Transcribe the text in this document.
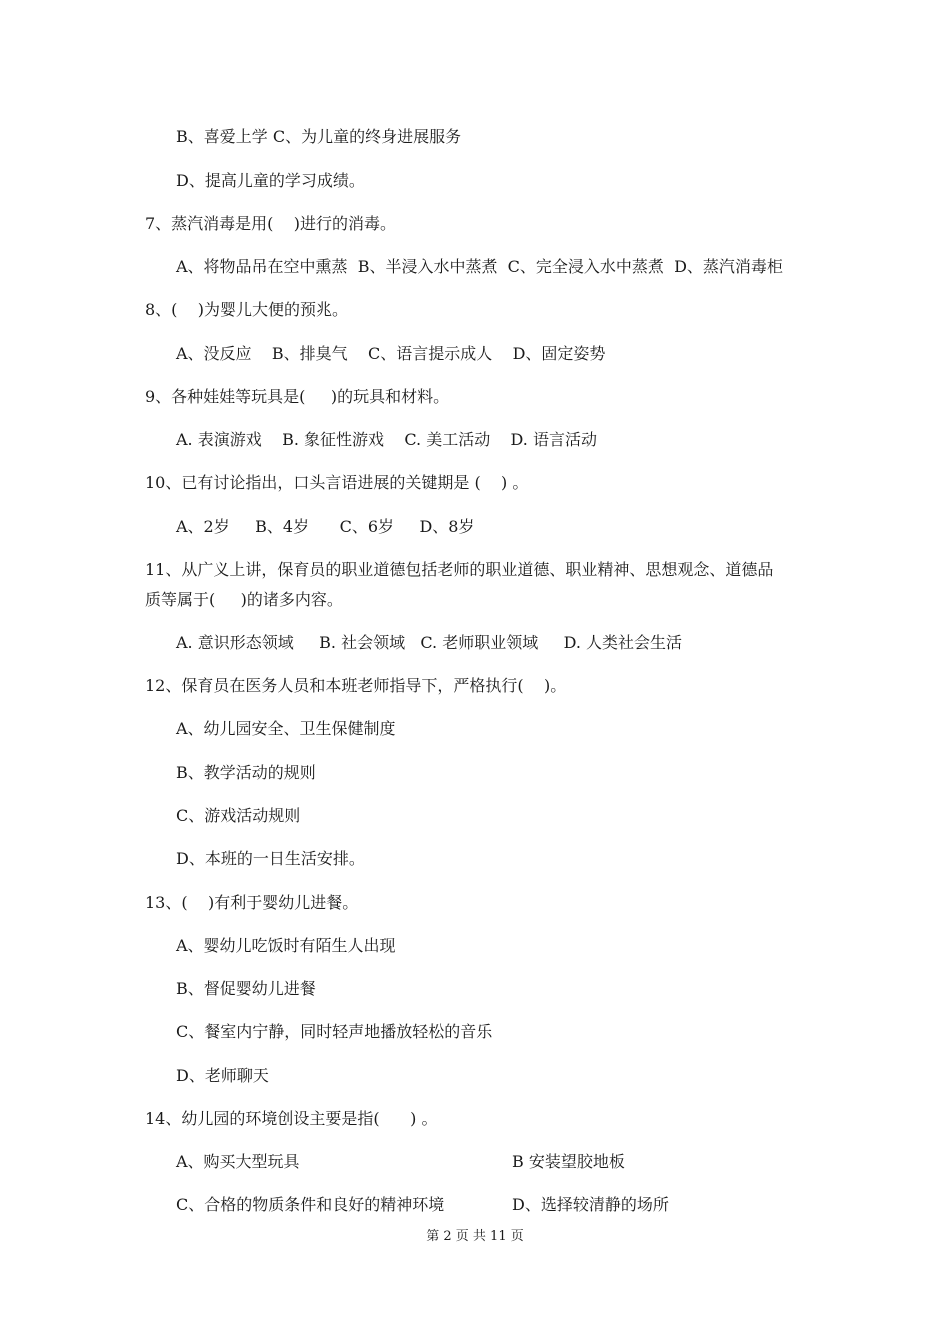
B、喜爱上学 C、为儿童的终身进展服务
D、提高儿童的学习成绩。
7、蒸汽消毒是用(    )进行的消毒。
A、将物品吊在空中熏蒸  B、半浸入水中蒸煮  C、完全浸入水中蒸煮  D、蒸汽消毒柜
8、(    )为婴儿大便的预兆。
A、没反应    B、排臭气    C、语言提示成人    D、固定姿势
9、各种娃娃等玩具是(     )的玩具和材料。
A. 表演游戏    B. 象征性游戏    C. 美工活动    D. 语言活动
10、已有讨论指出，口头言语进展的关键期是 (    ) 。
A、2岁     B、4岁      C、6岁     D、8岁
11、从广义上讲，保育员的职业道德包括老师的职业道德、职业精神、思想观念、道德品
质等属于(     )的诸多内容。
A. 意识形态领域     B. 社会领域   C. 老师职业领域     D. 人类社会生活
12、保育员在医务人员和本班老师指导下，严格执行(    )。
A、幼儿园安全、卫生保健制度
B、教学活动的规则
C、游戏活动规则
D、本班的一日生活安排。
13、(    )有利于婴幼儿进餐。
A、婴幼儿吃饭时有陌生人出现
B、督促婴幼儿进餐
C、餐室内宁静，同时轻声地播放轻松的音乐
D、老师聊天
14、幼儿园的环境创设主要是指(      ) 。
A、购买大型玩具	B 安装望胶地板
C、合格的物质条件和良好的精神环境	D、选择较清静的场所
第 2 页 共 11 页
